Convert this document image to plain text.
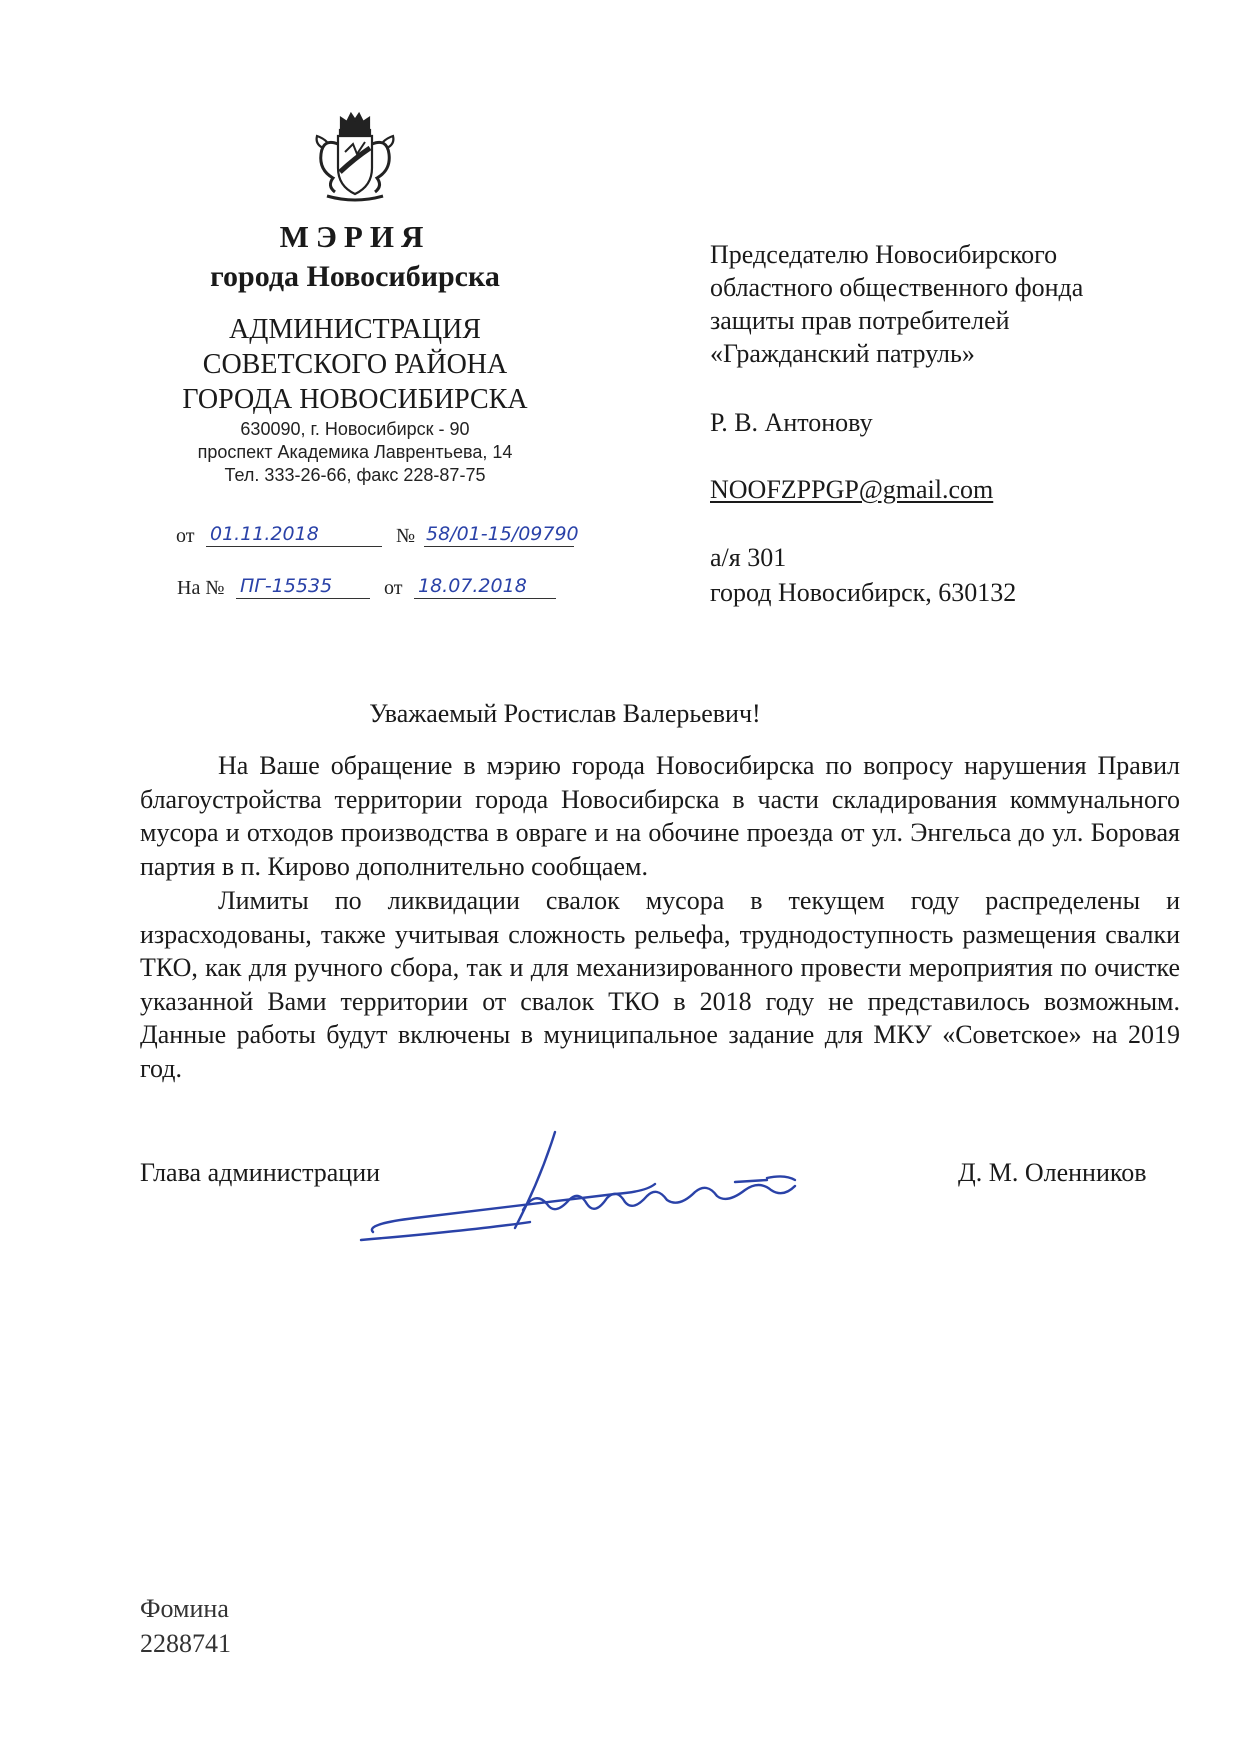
МЭРИЯ
города Новосибирска
АДМИНИСТРАЦИЯ
СОВЕТСКОГО РАЙОНА
ГОРОДА НОВОСИБИРСКА
630090, г. Новосибирск - 90
проспект Академика Лаврентьева, 14
Тел. 333-26-66, факс 228-87-75
от 01.11.2018	№ 58/01-15/09790
На № ПГ-15535	от 18.07.2018
Председателю Новосибирского
областного общественного фонда
защиты прав потребителей
«Гражданский патруль»
Р. В. Антонову
NOOFZPPGP@gmail.com
а/я 301
город Новосибирск, 630132
Уважаемый Ростислав Валерьевич!
На Ваше обращение в мэрию города Новосибирска по вопросу нарушения Правил благоустройства территории города Новосибирска в части складирования коммунального мусора и отходов производства в овраге и на обочине проезда от ул. Энгельса до ул. Боровая партия в п. Кирово дополнительно сообщаем.
Лимиты по ликвидации свалок мусора в текущем году распределены и израсходованы, также учитывая сложность рельефа, труднодоступность размещения свалки ТКО, как для ручного сбора, так и для механизированного провести мероприятия по очистке указанной Вами территории от свалок ТКО в 2018 году не представилось возможным. Данные работы будут включены в муниципальное задание для МКУ «Советское» на 2019 год.
Глава администрации	Д. М. Оленников
Фомина
2288741
